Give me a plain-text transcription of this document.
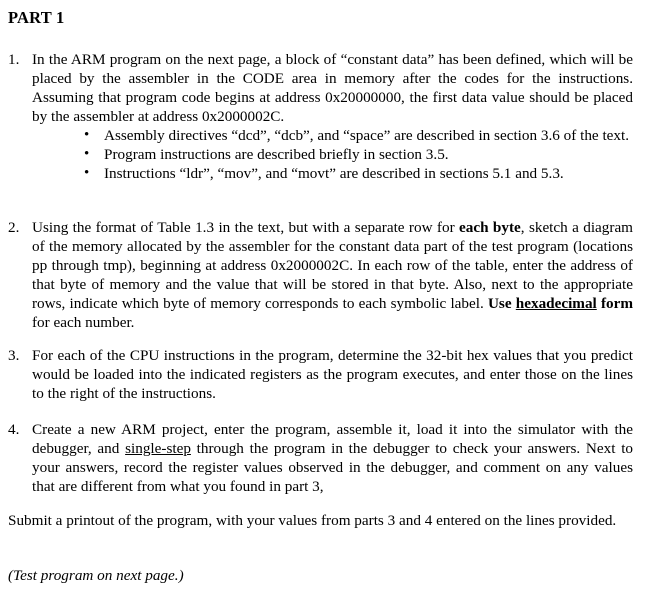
PART 1
1. In the ARM program on the next page, a block of “constant data” has been defined, which will be placed by the assembler in the CODE area in memory after the codes for the instructions. Assuming that program code begins at address 0x20000000, the first data value should be placed by the assembler at address 0x2000002C.
• Assembly directives “dcd”, “dcb”, and “space” are described in section 3.6 of the text.
• Program instructions are described briefly in section 3.5.
• Instructions “ldr”, “mov”, and “movt” are described in sections 5.1 and 5.3.
2. Using the format of Table 1.3 in the text, but with a separate row for each byte, sketch a diagram of the memory allocated by the assembler for the constant data part of the test program (locations pp through tmp), beginning at address 0x2000002C. In each row of the table, enter the address of that byte of memory and the value that will be stored in that byte. Also, next to the appropriate rows, indicate which byte of memory corresponds to each symbolic label. Use hexadecimal form for each number.
3. For each of the CPU instructions in the program, determine the 32-bit hex values that you predict would be loaded into the indicated registers as the program executes, and enter those on the lines to the right of the instructions.
4. Create a new ARM project, enter the program, assemble it, load it into the simulator with the debugger, and single-step through the program in the debugger to check your answers. Next to your answers, record the register values observed in the debugger, and comment on any values that are different from what you found in part 3,
Submit a printout of the program, with your values from parts 3 and 4 entered on the lines provided.
(Test program on next page.)
